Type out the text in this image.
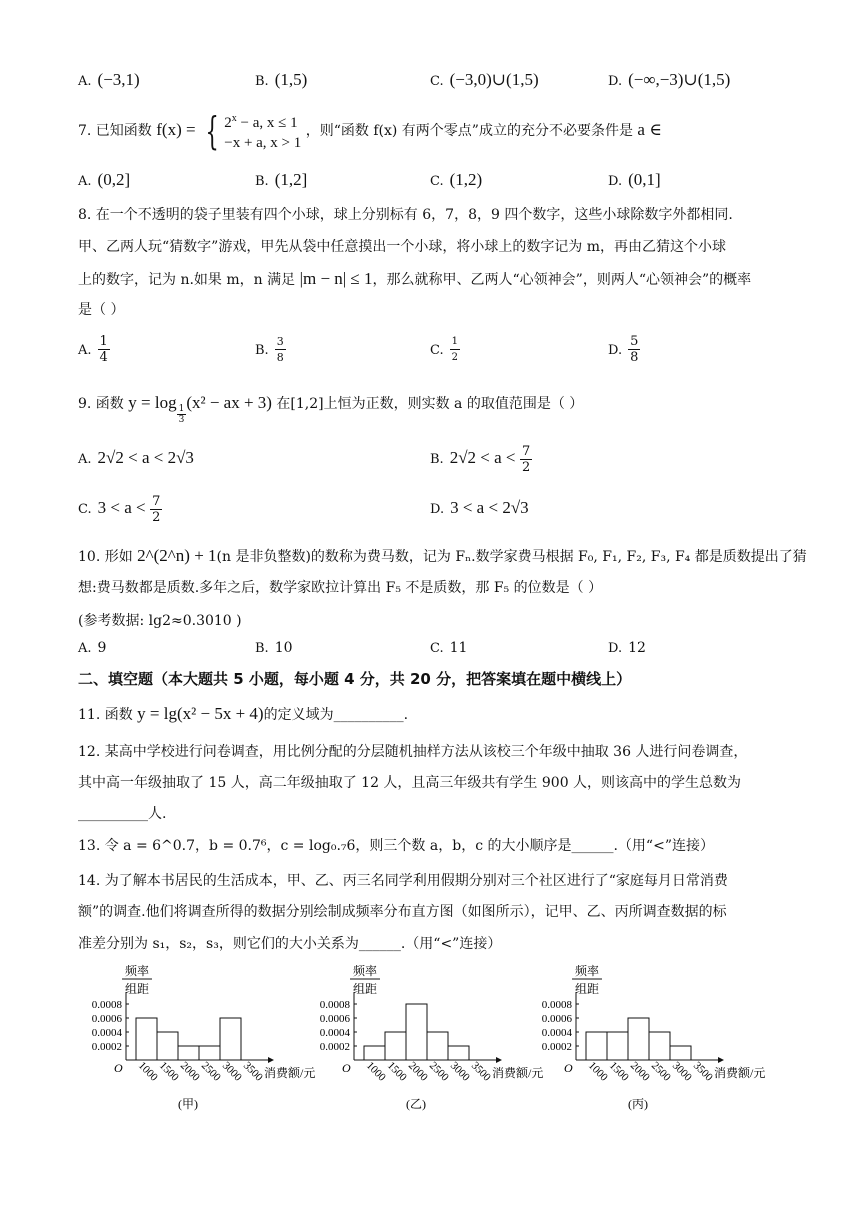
A. (−3,1)	B. (1,5)	C. (−3,0)∪(1,5)	D. (−∞,−3)∪(1,5)
7. 已知函数 f(x) = { $2^x - a$, x ≤ 1
−x + a, x > 1
，则“函数 f(x) 有两个零点”成立的充分不必要条件是 a ∈
A. (0,2]	B. (1,2]	C. (1,2)	D. (0,1]
8. 在一个不透明的袋子里装有四个小球，球上分别标有 6，7，8，9 四个数字，这些小球除数字外都相同.
甲、乙两人玩“猜数字”游戏，甲先从袋中任意摸出一个小球，将小球上的数字记为 m，再由乙猜这个小球
上的数字，记为 n.如果 m，n 满足 |m − n| ≤ 1，那么就称甲、乙两人“心领神会”，则两人“心领神会”的概率
是（ ）
A. $\frac{1}{4}$	B. $\frac{3}{8}$	C. $\frac{1}{2}$	D. $\frac{5}{8}$
9. 函数 y = log
$\frac{1}{3}$
(x² − ax + 3) 在[1,2]上恒为正数，则实数 a 的取值范围是（ ）
A. 2√2 < a < 2√3	B. $2√2 < a < \frac{7}{2}$
C. $3 < a < \frac{7}{2}$	D. 3 < a < 2√3
10. 形如 2^(2^n) + 1(n 是非负整数)的数称为费马数，记为 Fₙ.数学家费马根据 F₀, F₁, F₂, F₃, F₄ 都是质数提出了猜
想:费马数都是质数.多年之后，数学家欧拉计算出 F₅ 不是质数，那 F₅ 的位数是（ ）
(参考数据: lg2≈0.3010 )
A. 9	B. 10	C. 11	D. 12
二、填空题（本大题共 5 小题，每小题 4 分，共 20 分，把答案填在题中横线上）
11. 函数 y = lg(x² − 5x + 4)的定义域为__________.
12. 某高中学校进行问卷调查，用比例分配的分层随机抽样方法从该校三个年级中抽取 36 人进行问卷调查，
其中高一年级抽取了 15 人，高二年级抽取了 12 人，且高三年级共有学生 900 人，则该高中的学生总数为
__________人.
13. 令 a = 6^0.7，b = 0.7⁶，c = log₀.₇6，则三个数 a，b，c 的大小顺序是______.（用“<”连接）
14. 为了解本书居民的生活成本，甲、乙、丙三名同学利用假期分别对三个社区进行了“家庭每月日常消费
额”的调查.他们将调查所得的数据分别绘制成频率分布直方图（如图所示），记甲、乙、丙所调查数据的标
准差分别为 s₁，s₂，s₃，则它们的大小关系为______.（用“<”连接）
频率
组距
O
0.0002
0.0004
0.0006
0.0008
1000
1500
2000
2500
3000
3500 消费额/元
(甲)
频率
组距
O
0.0002
0.0004
0.0006
0.0008
1000
1500
2000
2500
3000
3500 消费额/元
(乙)
频率
组距
O
0.0002
0.0004
0.0006
0.0008
1000
1500
2000
2500
3000
3500 消费额/元
(丙)
